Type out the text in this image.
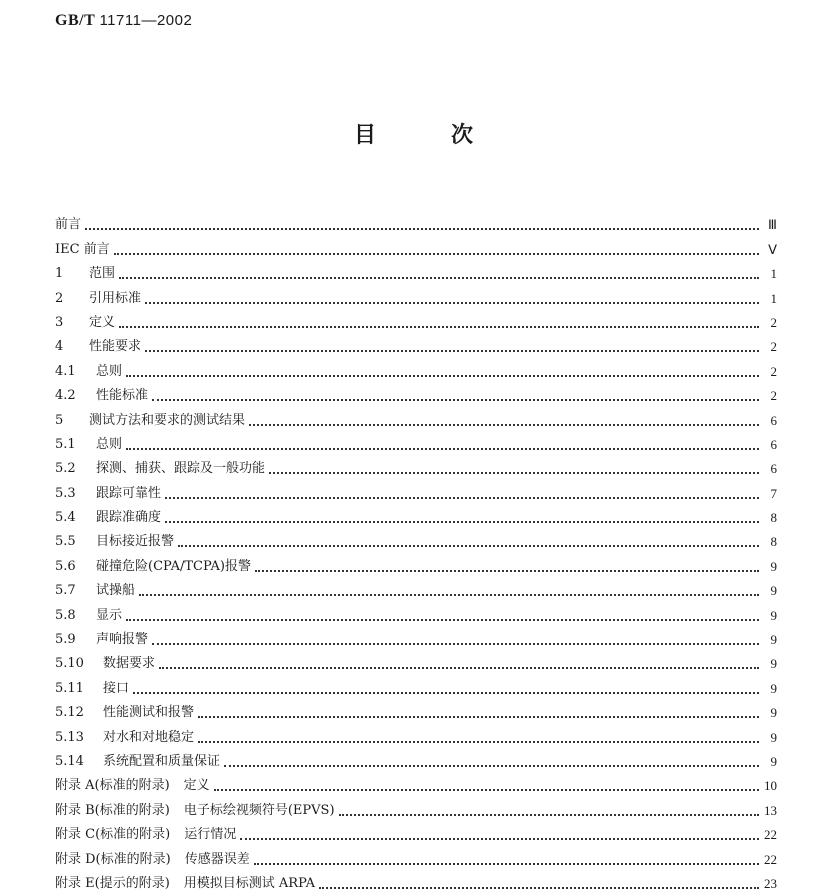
GB/T 11711—2002
目	次
前言	Ⅲ
IEC 前言	Ⅴ
1	范围	1
2	引用标准	1
3	定义	2
4	性能要求	2
4.1	总则	2
4.2	性能标准	2
5	测试方法和要求的测试结果	6
5.1	总则	6
5.2	探测、捕获、跟踪及一般功能	6
5.3	跟踪可靠性	7
5.4	跟踪准确度	8
5.5	目标接近报警	8
5.6	碰撞危险(CPA/TCPA)报警	9
5.7	试操船	9
5.8	显示	9
5.9	声响报警	9
5.10	数据要求	9
5.11	接口	9
5.12	性能测试和报警	9
5.13	对水和对地稳定	9
5.14	系统配置和质量保证	9
附录 A(标准的附录)	定义	10
附录 B(标准的附录)	电子标绘视频符号(EPVS)	13
附录 C(标准的附录)	运行情况	22
附录 D(标准的附录)	传感器误差	22
附录 E(提示的附录)	用模拟目标测试 ARPA	23
